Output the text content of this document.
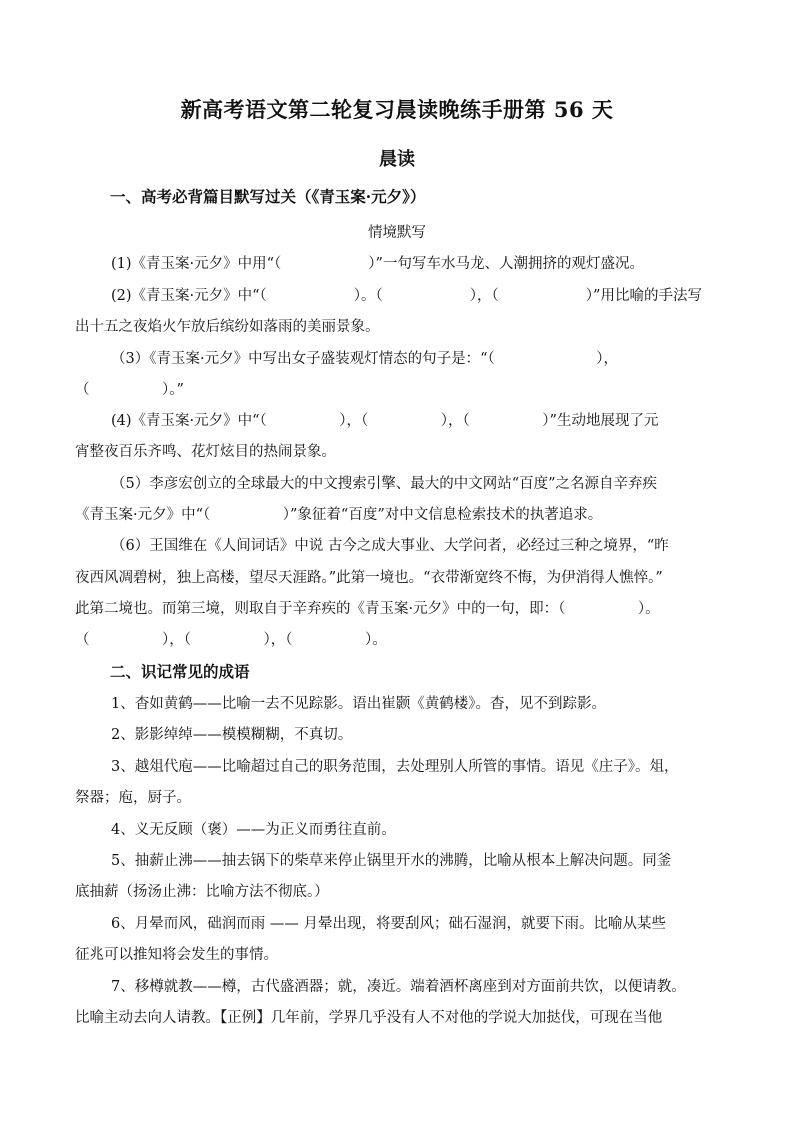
新高考语文第二轮复习晨读晚练手册第 56 天
晨读
一、高考必背篇目默写过关（《青玉案·元夕》）
情境默写
(1)《青玉案·元夕》中用“（　　　　　　）”一句写车水马龙、人潮拥挤的观灯盛况。
(2)《青玉案·元夕》中“（　　　　　　）。（　　　　　　），（　　　　　　）”用比喻的手法写
出十五之夜焰火乍放后缤纷如落雨的美丽景象。
（3）《青玉案·元夕》中写出女子盛装观灯情态的句子是：“（　　　　　　　），
（　　　　　）。”
(4)《青玉案·元夕》中“（　　　　　），（　　　　　），（　　　　　）”生动地展现了元
宵整夜百乐齐鸣、花灯炫目的热闹景象。
（5）李彦宏创立的全球最大的中文搜索引擎、最大的中文网站“百度”之名源自辛弃疾
《青玉案·元夕》中“（　　　　　）”象征着“百度”对中文信息检索技术的执著追求。
（6）王国维在《人间词话》中说 古今之成大事业、大学问者，必经过三种之境界，“昨
夜西风凋碧树，独上高楼，望尽天涯路。”此第一境也。“衣带渐宽终不悔，为伊消得人憔悴。”
此第二境也。而第三境，则取自于辛弃疾的《青玉案·元夕》中的一句，即：（　　　　　）。
（　　　　　），（　　　　　），（　　　　　）。
二、识记常见的成语
1、杳如黄鹤——比喻一去不见踪影。语出崔颢《黄鹤楼》。杳，见不到踪影。
2、影影绰绰——模模糊糊，不真切。
3、越俎代庖——比喻超过自己的职务范围，去处理别人所管的事情。语见《庄子》。俎，
祭器；庖，厨子。
4、义无反顾（褒）——为正义而勇往直前。
5、抽薪止沸——抽去锅下的柴草来停止锅里开水的沸腾，比喻从根本上解决问题。同釜
底抽薪（扬汤止沸：比喻方法不彻底。）
6、月晕而风，础润而雨 —— 月晕出现，将要刮风；础石湿润，就要下雨。比喻从某些
征兆可以推知将会发生的事情。
7、移樽就教——樽，古代盛酒器；就，凑近。端着酒杯离座到对方面前共饮，以便请教。
比喻主动去向人请教。【正例】几年前，学界几乎没有人不对他的学说大加挞伐，可现在当他
